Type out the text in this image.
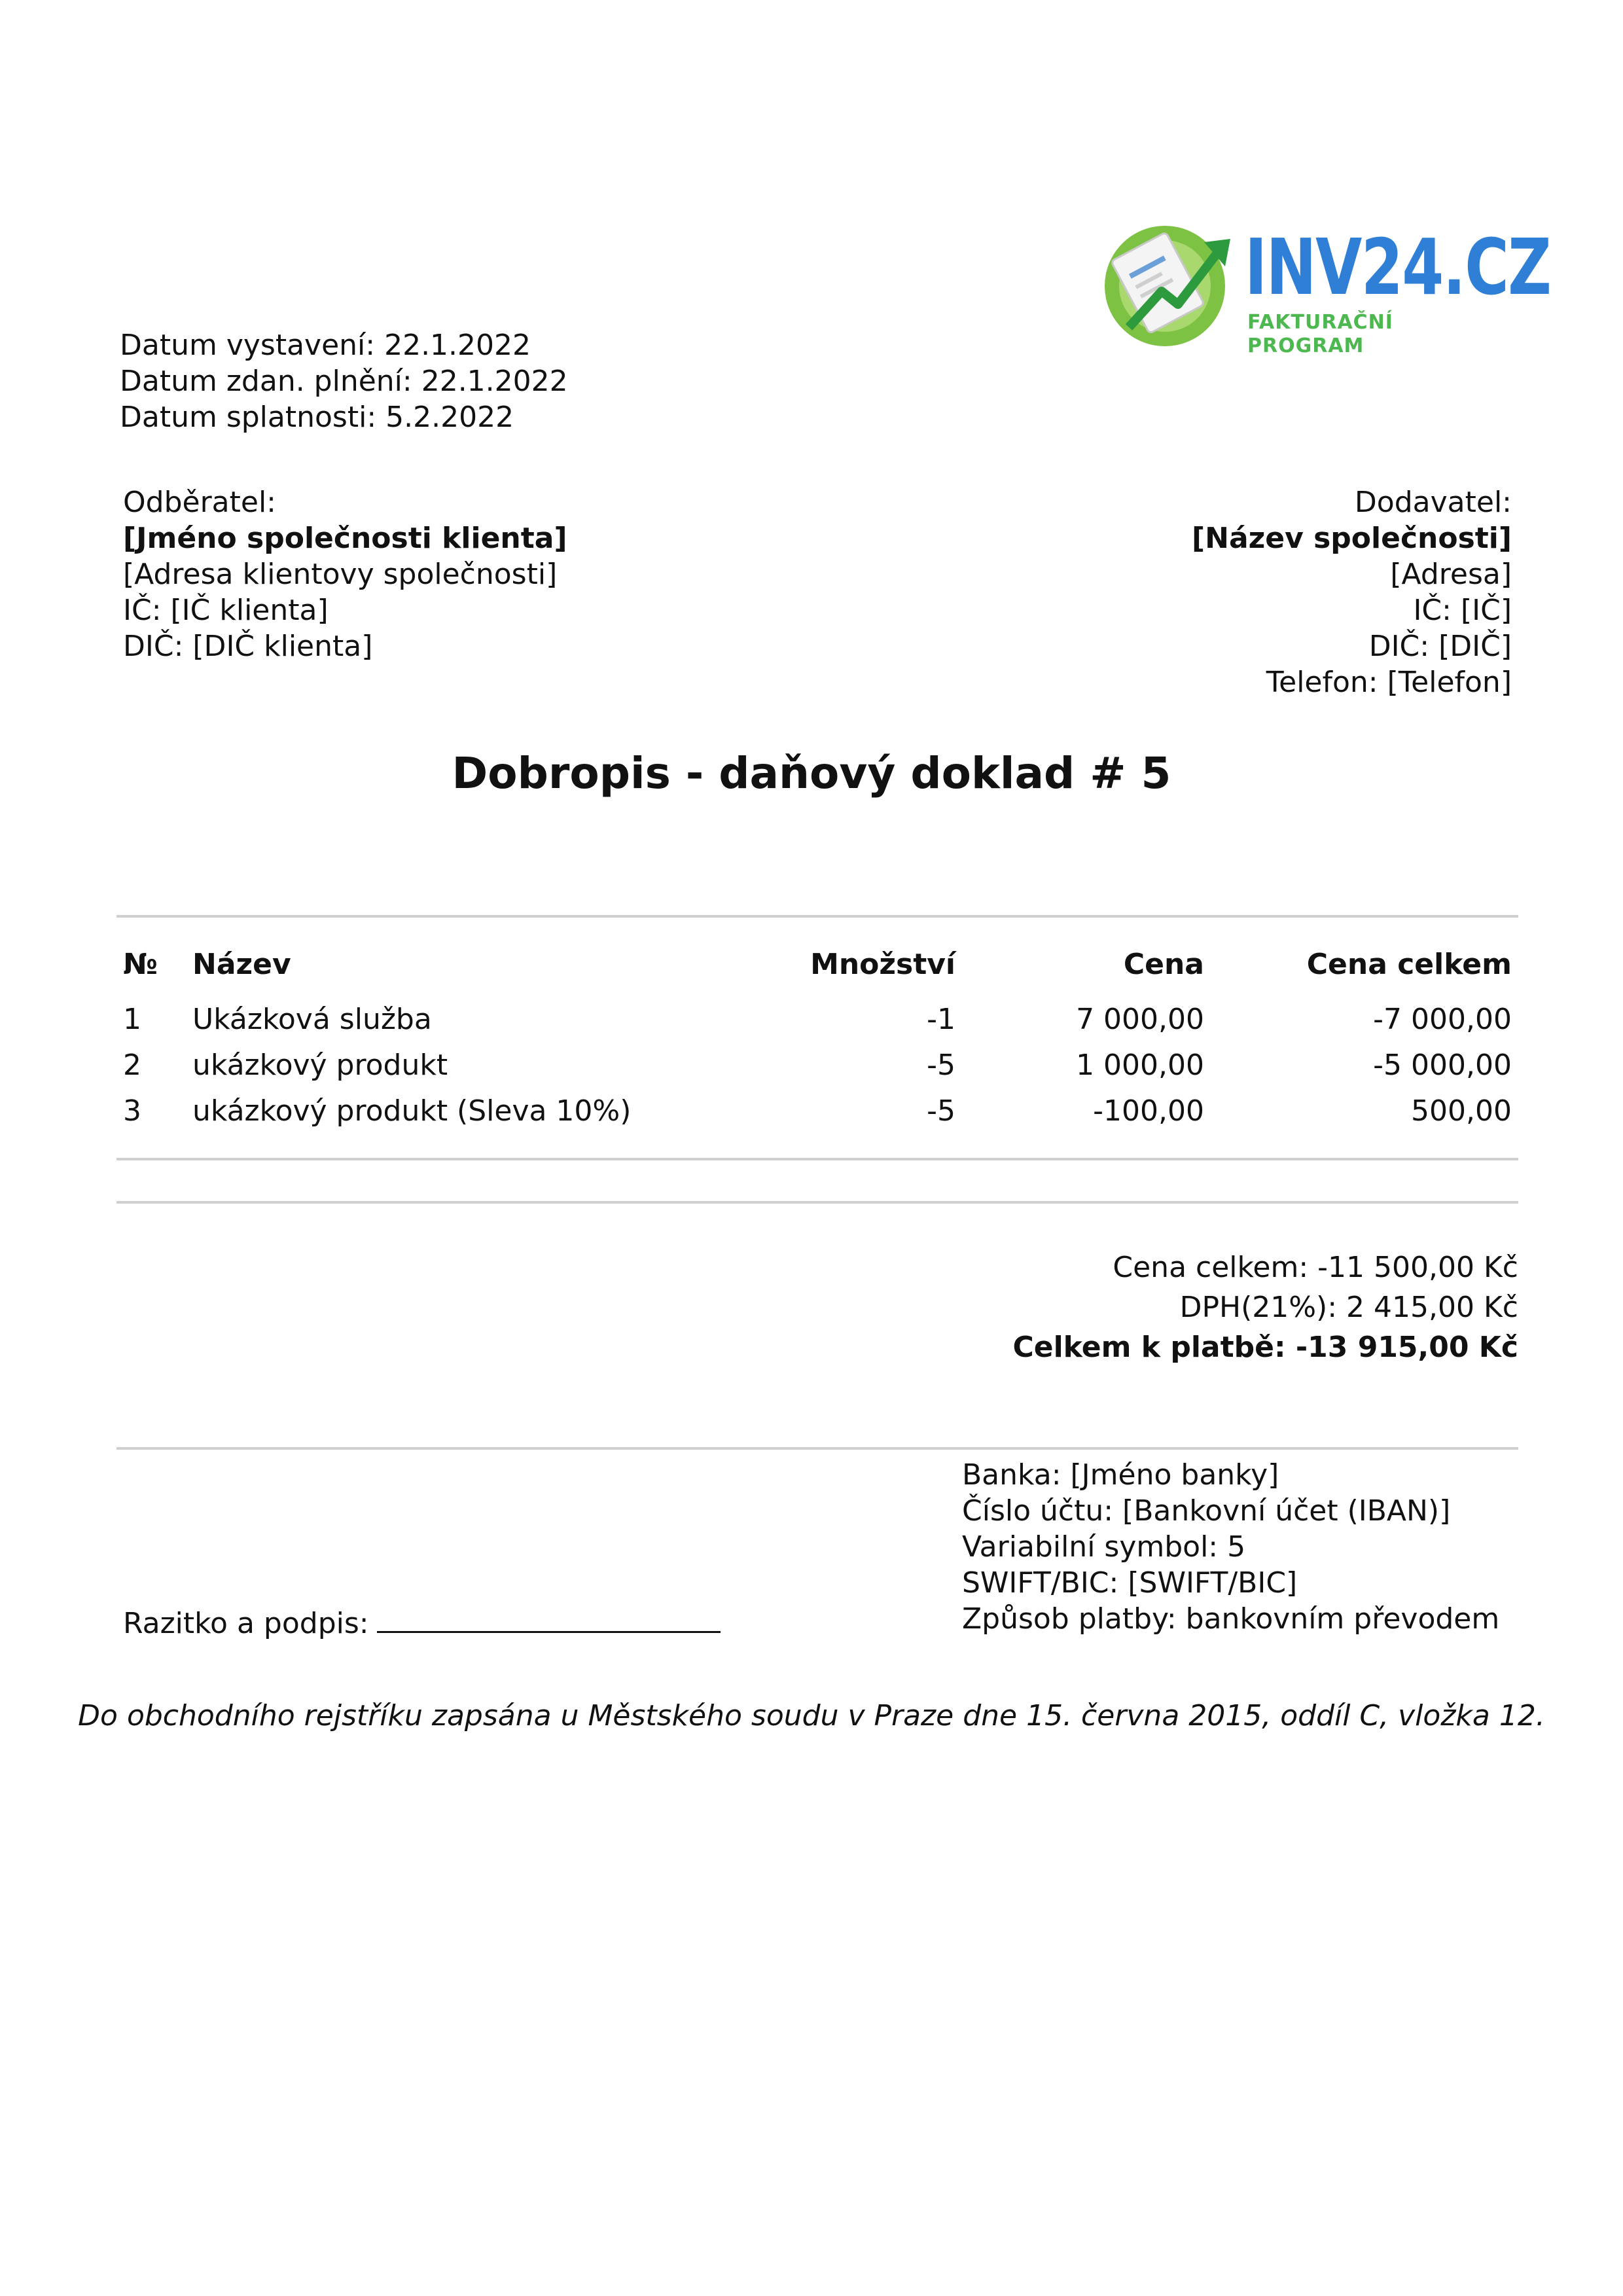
INV24.CZ
FAKTURAČNÍ PROGRAM
Datum vystavení: 22.1.2022
Datum zdan. plnění: 22.1.2022
Datum splatnosti: 5.2.2022
Odběratel:
[Jméno společnosti klienta]
[Adresa klientovy společnosti]
IČ: [IČ klienta]
DIČ: [DIČ klienta]
Dodavatel:
[Název společnosti]
[Adresa]
IČ: [IČ]
DIČ: [DIČ]
Telefon: [Telefon]
Dobropis - daňový doklad # 5
№ Název	Množství	Cena	Cena celkem
1 Ukázková služba	-1	7 000,00	-7 000,00
2 ukázkový produkt	-5	1 000,00	-5 000,00
3 ukázkový produkt (Sleva 10%)	-5	-100,00	500,00
Cena celkem: -11 500,00 Kč
DPH(21%): 2 415,00 Kč
Celkem k platbě: -13 915,00 Kč
Banka: [Jméno banky]
Číslo účtu: [Bankovní účet (IBAN)]
Variabilní symbol: 5
SWIFT/BIC: [SWIFT/BIC]
Způsob platby: bankovním převodem
Razitko a podpis:
Do obchodního rejstříku zapsána u Městského soudu v Praze dne 15. června 2015, oddíl C, vložka 12.
